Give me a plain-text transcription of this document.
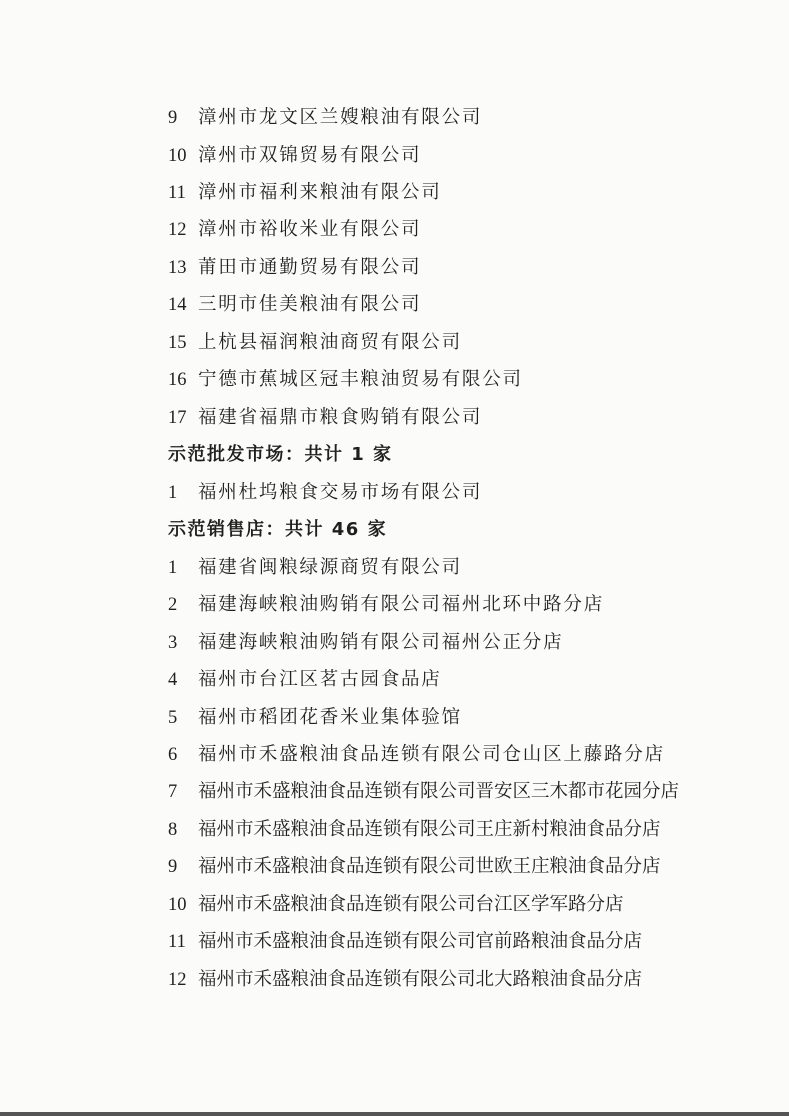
9 漳州市龙文区兰嫂粮油有限公司
10 漳州市双锦贸易有限公司
11 漳州市福利来粮油有限公司
12 漳州市裕收米业有限公司
13 莆田市通勤贸易有限公司
14 三明市佳美粮油有限公司
15 上杭县福润粮油商贸有限公司
16 宁德市蕉城区冠丰粮油贸易有限公司
17 福建省福鼎市粮食购销有限公司
示范批发市场：共计 1 家
1 福州杜坞粮食交易市场有限公司
示范销售店：共计 46 家
1 福建省闽粮绿源商贸有限公司
2 福建海峡粮油购销有限公司福州北环中路分店
3 福建海峡粮油购销有限公司福州公正分店
4 福州市台江区茗古园食品店
5 福州市稻团花香米业集体验馆
6 福州市禾盛粮油食品连锁有限公司仓山区上藤路分店
7 福州市禾盛粮油食品连锁有限公司晋安区三木都市花园分店
8 福州市禾盛粮油食品连锁有限公司王庄新村粮油食品分店
9 福州市禾盛粮油食品连锁有限公司世欧王庄粮油食品分店
10 福州市禾盛粮油食品连锁有限公司台江区学军路分店
11 福州市禾盛粮油食品连锁有限公司官前路粮油食品分店
12 福州市禾盛粮油食品连锁有限公司北大路粮油食品分店
